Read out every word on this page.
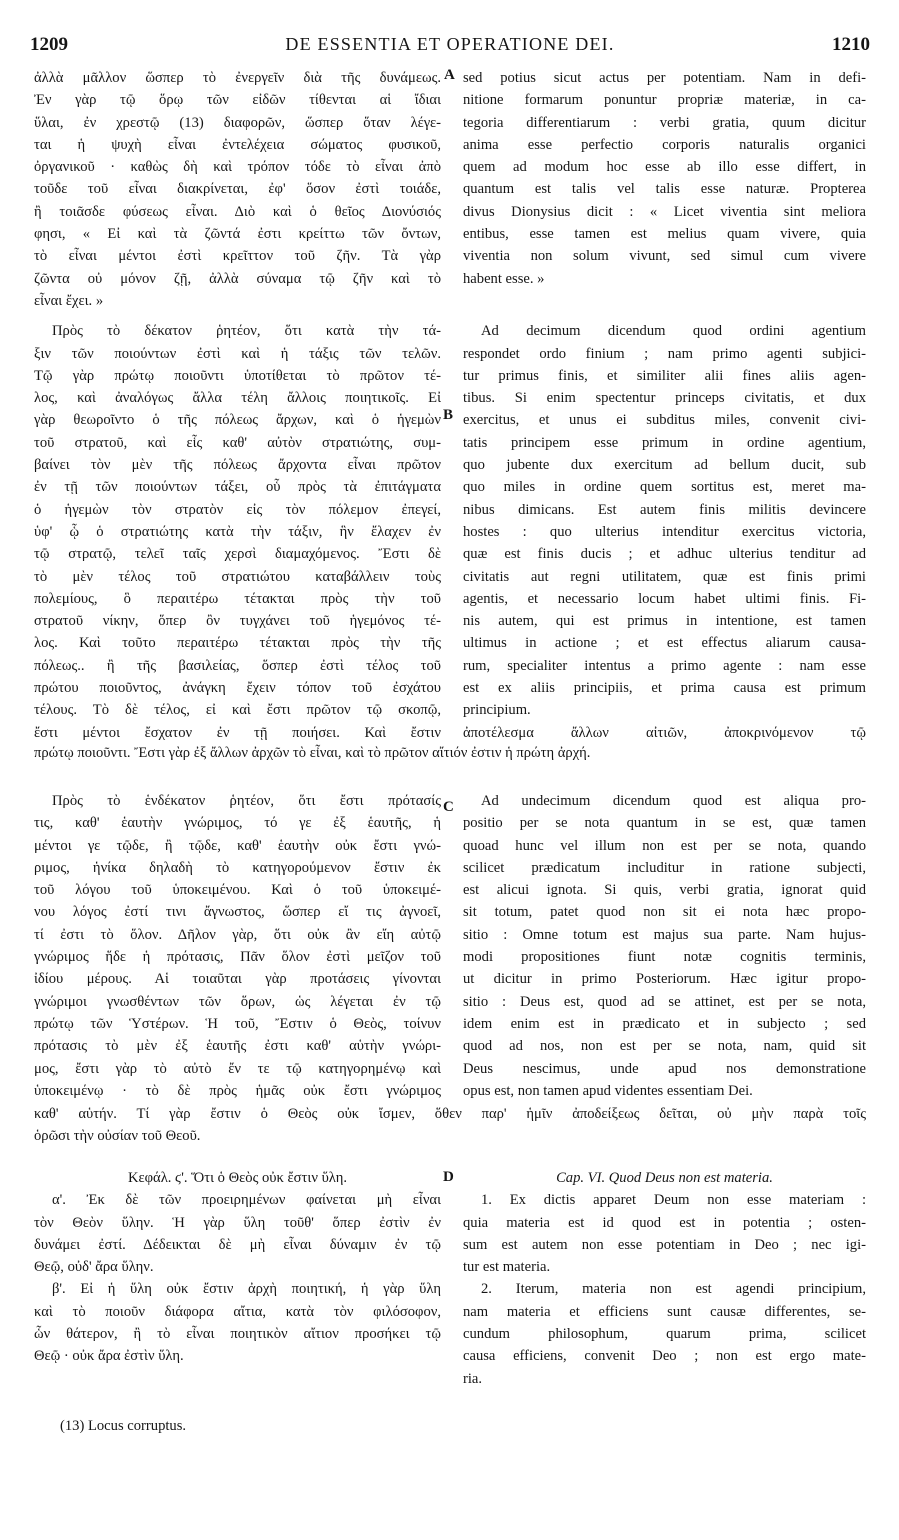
1209	DE ESSENTIA ET OPERATIONE DEI.	1210
A
B
C
D
ἀλλὰ μᾶλλον ὥσπερ τὸ ἐνεργεῖν διὰ τῆς δυνάμεως.
Ἐν γὰρ τῷ ὅρῳ τῶν εἰδῶν τίθενται αἱ ἴδιαι
ὕλαι, ἐν χρεστῷ (13) διαφορῶν, ὥσπερ ὅταν λέγε-
ται ἡ ψυχὴ εἶναι ἐντελέχεια σώματος φυσικοῦ,
ὀργανικοῦ · καθὼς δὴ καὶ τρόπον τόδε τὸ εἶναι ἀπὸ
τοῦδε τοῦ εἶναι διακρίνεται, ἐφ' ὅσον ἐστὶ τοιάδε,
ἢ τοιᾶσδε φύσεως εἶναι. Διὸ καὶ ὁ θεῖος Διονύσιός
φησι, « Εἰ καὶ τὰ ζῶντά ἐστι κρείττω τῶν ὄντων,
τὸ εἶναι μέντοι ἐστὶ κρεῖττον τοῦ ζῆν. Τὰ γὰρ
ζῶντα οὐ μόνον ζῇ, ἀλλὰ σύναμα τῷ ζῆν καὶ τὸ
εἶναι ἔχει. »
Πρὸς τὸ δέκατον ῥητέον, ὅτι κατὰ τὴν τά-
ξιν τῶν ποιούντων ἐστὶ καὶ ἡ τάξις τῶν τελῶν.
Τῷ γὰρ πρώτῳ ποιοῦντι ὑποτίθεται τὸ πρῶτον τέ-
λος, καὶ ἀναλόγως ἄλλα τέλη ἄλλοις ποιητικοῖς. Εἰ
γὰρ θεωροῖντο ὁ τῆς πόλεως ἄρχων, καὶ ὁ ἡγεμὼν
τοῦ στρατοῦ, καὶ εἷς καθ' αὐτὸν στρατιώτης, συμ-
βαίνει τὸν μὲν τῆς πόλεως ἄρχοντα εἶναι πρῶτον
ἐν τῇ τῶν ποιούντων τάξει, οὗ πρὸς τὰ ἐπιτάγματα
ὁ ἡγεμὼν τὸν στρατὸν εἰς τὸν πόλεμον ἐπεγεί,
ὑφ' ᾧ ὁ στρατιώτης κατὰ τὴν τάξιν, ἣν ἔλαχεν ἐν
τῷ στρατῷ, τελεῖ ταῖς χερσὶ διαμαχόμενος. Ἔστι δὲ
τὸ μὲν τέλος τοῦ στρατιώτου καταβάλλειν τοὺς
πολεμίους, ὃ περαιτέρω τέτακται πρὸς τὴν τοῦ
στρατοῦ νίκην, ὅπερ ὂν τυγχάνει τοῦ ἡγεμόνος τέ-
λος. Καὶ τοῦτο περαιτέρω τέτακται πρὸς τὴν τῆς
πόλεως.. ἢ τῆς βασιλείας, ὅσπερ ἐστὶ τέλος τοῦ
πρώτου ποιοῦντος, ἀνάγκη ἔχειν τόπον τοῦ ἐσχάτου
τέλους. Τὸ δὲ τέλος, εἰ καὶ ἔστι πρῶτον τῷ σκοπῷ,
ἔστι μέντοι ἔσχατον ἐν τῇ ποιήσει. Καὶ ἔστιν
sed potius sicut actus per potentiam. Nam in defi-
nitione formarum ponuntur propriæ materiæ, in ca-
tegoria differentiarum : verbi gratia, quum dicitur
anima esse perfectio corporis naturalis organici
quem ad modum hoc esse ab illo esse differt, in
quantum est talis vel talis esse naturæ. Propterea
divus Dionysius dicit : « Licet viventia sint meliora
entibus, esse tamen est melius quam vivere, quia
viventia non solum vivunt, sed simul cum vivere
habent esse. »
Ad decimum dicendum quod ordini agentium
respondet ordo finium ; nam primo agenti subjici-
tur primus finis, et similiter alii fines aliis agen-
tibus. Si enim spectentur princeps civitatis, et dux
exercitus, et unus ei subditus miles, convenit civi-
tatis principem esse primum in ordine agentium,
quo jubente dux exercitum ad bellum ducit, sub
quo miles in ordine quem sortitus est, meret ma-
nibus dimicans. Est autem finis militis devincere
hostes : quo ulterius intenditur exercitus victoria,
quæ est finis ducis ; et adhuc ulterius tenditur ad
civitatis aut regni utilitatem, quæ est finis primi
agentis, et necessario locum habet ultimi finis. Fi-
nis autem, qui est primus in intentione, est tamen
ultimus in actione ; et est effectus aliarum causa-
rum, specialiter intentus a primo agente : nam esse
est ex aliis principiis, et prima causa est primum
principium.
ἀποτέλεσμα ἄλλων αἰτιῶν, ἀποκρινόμενον τῷ
πρώτῳ ποιοῦντι. Ἔστι γὰρ ἐξ ἄλλων ἀρχῶν τὸ εἶναι, καὶ τὸ πρῶτον αἴτιόν ἐστιν ἡ πρώτη ἀρχή.
Πρὸς τὸ ἑνδέκατον ῥητέον, ὅτι ἔστι πρότασίς
τις, καθ' ἑαυτὴν γνώριμος, τό γε ἐξ ἑαυτῆς, ἡ
μέντοι γε τῷδε, ἢ τῷδε, καθ' ἑαυτὴν οὐκ ἔστι γνώ-
ριμος, ἡνίκα δηλαδὴ τὸ κατηγορούμενον ἔστιν ἐκ
τοῦ λόγου τοῦ ὑποκειμένου. Καὶ ὁ τοῦ ὑποκειμέ-
νου λόγος ἐστί τινι ἄγνωστος, ὥσπερ εἴ τις ἀγνοεῖ,
τί ἐστι τὸ ὅλον. Δῆλον γὰρ, ὅτι οὐκ ἂν εἴη αὐτῷ
γνώριμος ἥδε ἡ πρότασις, Πᾶν ὅλον ἐστὶ μεῖζον τοῦ
ἰδίου μέρους. Αἱ τοιαῦται γὰρ προτάσεις γίνονται
γνώριμοι γνωσθέντων τῶν ὅρων, ὡς λέγεται ἐν τῷ
πρώτῳ τῶν Ὑστέρων. Ἡ τοῦ, Ἔστιν ὁ Θεὸς, τοίνυν
πρότασις τὸ μὲν ἐξ ἑαυτῆς ἐστι καθ' αὑτὴν γνώρι-
μος, ἔστι γὰρ τὸ αὐτὸ ἔν τε τῷ κατηγορημένῳ καὶ
ὑποκειμένῳ · τὸ δὲ πρὸς ἡμᾶς οὐκ ἔστι γνώριμος
Ad undecimum dicendum quod est aliqua pro-
positio per se nota quantum in se est, quæ tamen
quoad hunc vel illum non est per se nota, quando
scilicet prædicatum includitur in ratione subjecti,
est alicui ignota. Si quis, verbi gratia, ignorat quid
sit totum, patet quod non sit ei nota hæc propo-
sitio : Omne totum est majus sua parte. Nam hujus-
modi propositiones fiunt notæ cognitis terminis,
ut dicitur in primo Posteriorum. Hæc igitur propo-
sitio : Deus est, quod ad se attinet, est per se nota,
idem enim est in prædicato et in subjecto ; sed
quod ad nos, non est per se nota, nam, quid sit
Deus nescimus, unde apud nos demonstratione
opus est, non tamen apud videntes essentiam Dei.
καθ' αὑτήν. Τί γὰρ ἔστιν ὁ Θεὸς οὐκ ἴσμεν, ὅθεν παρ' ἡμῖν ἀποδείξεως δεῖται, οὐ μὴν παρὰ τοῖς
ὁρῶσι τὴν οὐσίαν τοῦ Θεοῦ.
Κεφάλ. ϛ'. Ὅτι ὁ Θεὸς οὐκ ἔστιν ὕλη.
α'. Ἐκ δὲ τῶν προειρημένων φαίνεται μὴ εἶναι
τὸν Θεὸν ὕλην. Ἡ γὰρ ὕλη τοῦθ' ὅπερ ἐστὶν ἐν
δυνάμει ἐστί. Δέδεικται δὲ μὴ εἶναι δύναμιν ἐν τῷ
Θεῷ, οὐδ' ἄρα ὕλην.
β'. Εἰ ἡ ὕλη οὐκ ἔστιν ἀρχὴ ποιητική, ἡ γὰρ ὕλη
καὶ τὸ ποιοῦν διάφορα αἴτια, κατὰ τὸν φιλόσοφον,
ὧν θάτερον, ἢ τὸ εἶναι ποιητικὸν αἴτιον προσήκει τῷ
Θεῷ · οὐκ ἄρα ἐστὶν ὕλη.
Cap. VI. Quod Deus non est materia.
1. Ex dictis apparet Deum non esse materiam :
quia materia est id quod est in potentia ; osten-
sum est autem non esse potentiam in Deo ; nec igi-
tur est materia.
2. Iterum, materia non est agendi principium,
nam materia et efficiens sunt causæ differentes, se-
cundum philosophum, quarum prima, scilicet
causa efficiens, convenit Deo ; non est ergo mate-
ria.
(13) Locus corruptus.
